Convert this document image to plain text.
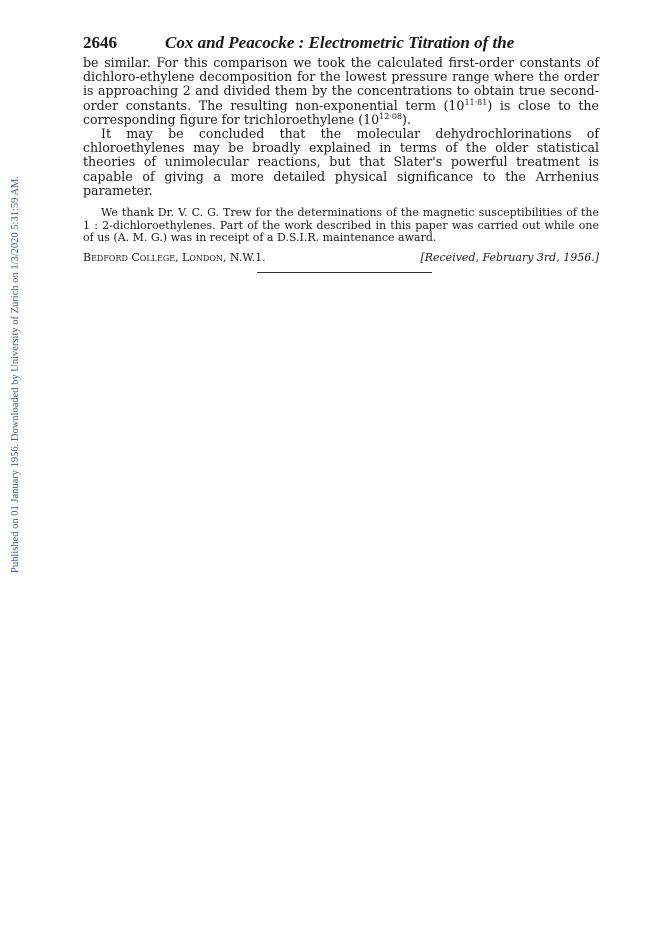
Published on 01 January 1956. Downloaded by University of Zurich on 1/3/2020 5:31:59 AM.
2646	Cox and Peacocke : Electrometric Titration of the

be similar. For this comparison we took the calculated first-order constants of dichloro-ethylene decomposition for the lowest pressure range where the order is approaching 2 and divided them by the concentrations to obtain true second-order constants. The resulting non-exponential term $(10^{11\cdot 81})$ is close to the corresponding figure for trichloroethylene $(10^{12\cdot 08})$.

It may be concluded that the molecular dehydrochlorinations of chloroethylenes may be broadly explained in terms of the older statistical theories of unimolecular reactions, but that Slater's powerful treatment is capable of giving a more detailed physical significance to the Arrhenius parameter.

We thank Dr. V. C. G. Trew for the determinations of the magnetic susceptibilities of the 1 : 2-dichloroethylenes. Part of the work described in this paper was carried out while one of us (A. M. G.) was in receipt of a D.S.I.R. maintenance award.

Bedford College, London, N.W.1.	[Received, February 3rd, 1956.]
